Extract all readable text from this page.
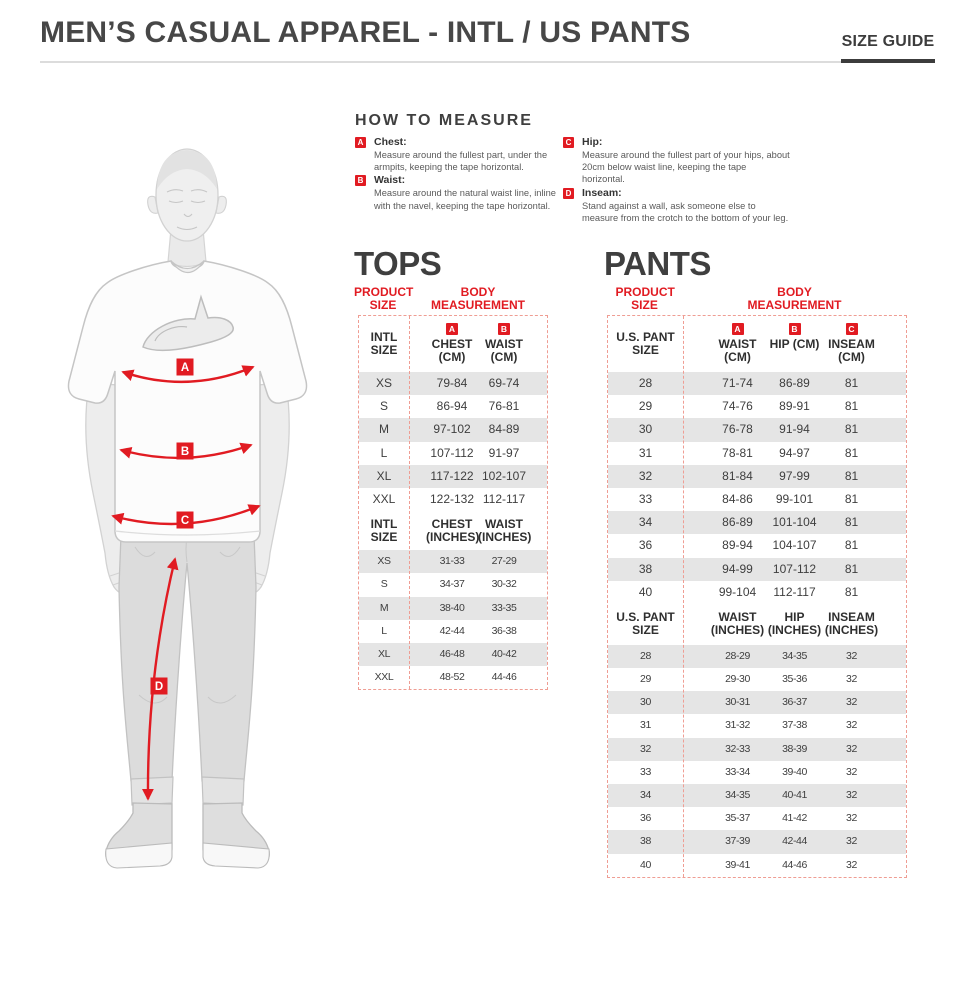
MEN’S CASUAL APPAREL - INTL / US PANTS	SIZE GUIDE
A
B
C
D
HOW TO MEASURE
A Chest:
Measure around the fullest part, under the armpits, keeping the tape horizontal.
B Waist:
Measure around the natural waist line, inline with the navel, keeping the tape horizontal.
C Hip:
Measure around the fullest part of your hips, about 20cm below waist line, keeping the tape horizontal.
D Inseam:
Stand against a wall, ask someone else to measure from the crotch to the bottom of your leg.
TOPS
PRODUCT SIZE
BODY MEASUREMENT
INTL SIZE
A
CHEST (CM)
B
WAIST (CM)
XS	79-84	69-74
S	86-94	76-81
M	97-102	84-89
L	107-112	91-97
XL	117-122 102-107
XXL	122-132 112-117
INTL SIZE
CHEST (INCHES)
WAIST (INCHES)
XS	31-33	27-29
S	34-37	30-32
M	38-40	33-35
L	42-44	36-38
XL	46-48	40-42
XXL	48-52	44-46
PANTS
PRODUCT SIZE
BODY MEASUREMENT
U.S. PANT SIZE
A
WAIST (CM)
B
HIP (CM)
C
INSEAM (CM)
28	71-74	86-89	81
29	74-76	89-91	81
30	76-78	91-94	81
31	78-81	94-97	81
32	81-84	97-99	81
33	84-86	99-101	81
34	86-89	101-104	81
36	89-94	104-107	81
38	94-99	107-112	81
40	99-104	112-117	81
U.S. PANT SIZE
WAIST (INCHES)
HIP (INCHES)
INSEAM (INCHES)
28	28-29	34-35	32
29	29-30	35-36	32
30	30-31	36-37	32
31	31-32	37-38	32
32	32-33	38-39	32
33	33-34	39-40	32
34	34-35	40-41	32
36	35-37	41-42	32
38	37-39	42-44	32
40	39-41	44-46	32
